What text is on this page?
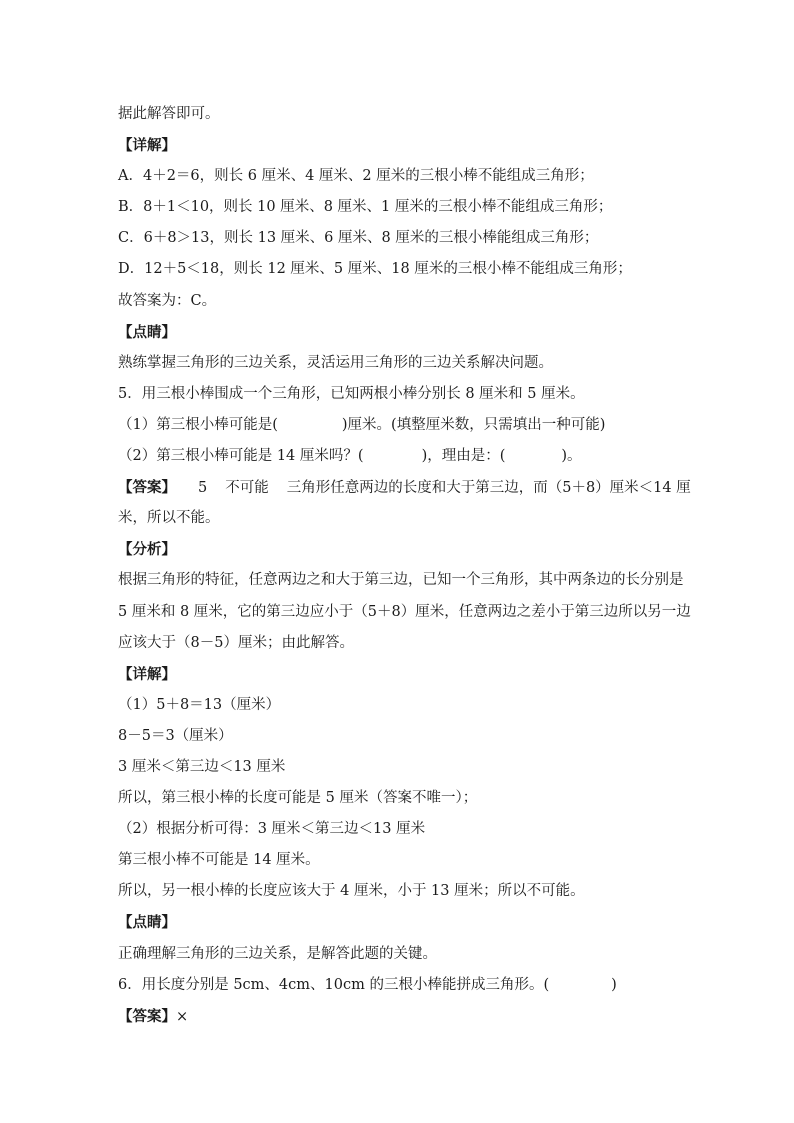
据此解答即可。
【详解】
A．4＋2＝6，则长 6 厘米、4 厘米、2 厘米的三根小棒不能组成三角形；
B．8＋1＜10，则长 10 厘米、8 厘米、1 厘米的三根小棒不能组成三角形；
C．6＋8＞13，则长 13 厘米、6 厘米、8 厘米的三根小棒能组成三角形；
D．12＋5＜18，则长 12 厘米、5 厘米、18 厘米的三根小棒不能组成三角形；
故答案为：C。
【点睛】
熟练掌握三角形的三边关系，灵活运用三角形的三边关系解决问题。
5．用三根小棒围成一个三角形，已知两根小棒分别长 8 厘米和 5 厘米。
（1）第三根小棒可能是(	)厘米。(填整厘米数，只需填出一种可能)
（2）第三根小棒可能是 14 厘米吗？(	)，理由是：(	)。
【答案】 5 不可能 三角形任意两边的长度和大于第三边，而（5＋8）厘米＜14 厘
米，所以不能。
【分析】
根据三角形的特征，任意两边之和大于第三边，已知一个三角形，其中两条边的长分别是
5 厘米和 8 厘米，它的第三边应小于（5＋8）厘米，任意两边之差小于第三边所以另一边
应该大于（8－5）厘米；由此解答。
【详解】
（1）5＋8＝13（厘米）
8－5＝3（厘米）
3 厘米＜第三边＜13 厘米
所以，第三根小棒的长度可能是 5 厘米（答案不唯一）；
（2）根据分析可得：3 厘米＜第三边＜13 厘米
第三根小棒不可能是 14 厘米。
所以，另一根小棒的长度应该大于 4 厘米，小于 13 厘米；所以不可能。
【点睛】
正确理解三角形的三边关系，是解答此题的关键。
6．用长度分别是 5cm、4cm、10cm 的三根小棒能拼成三角形。(	)
【答案】×
